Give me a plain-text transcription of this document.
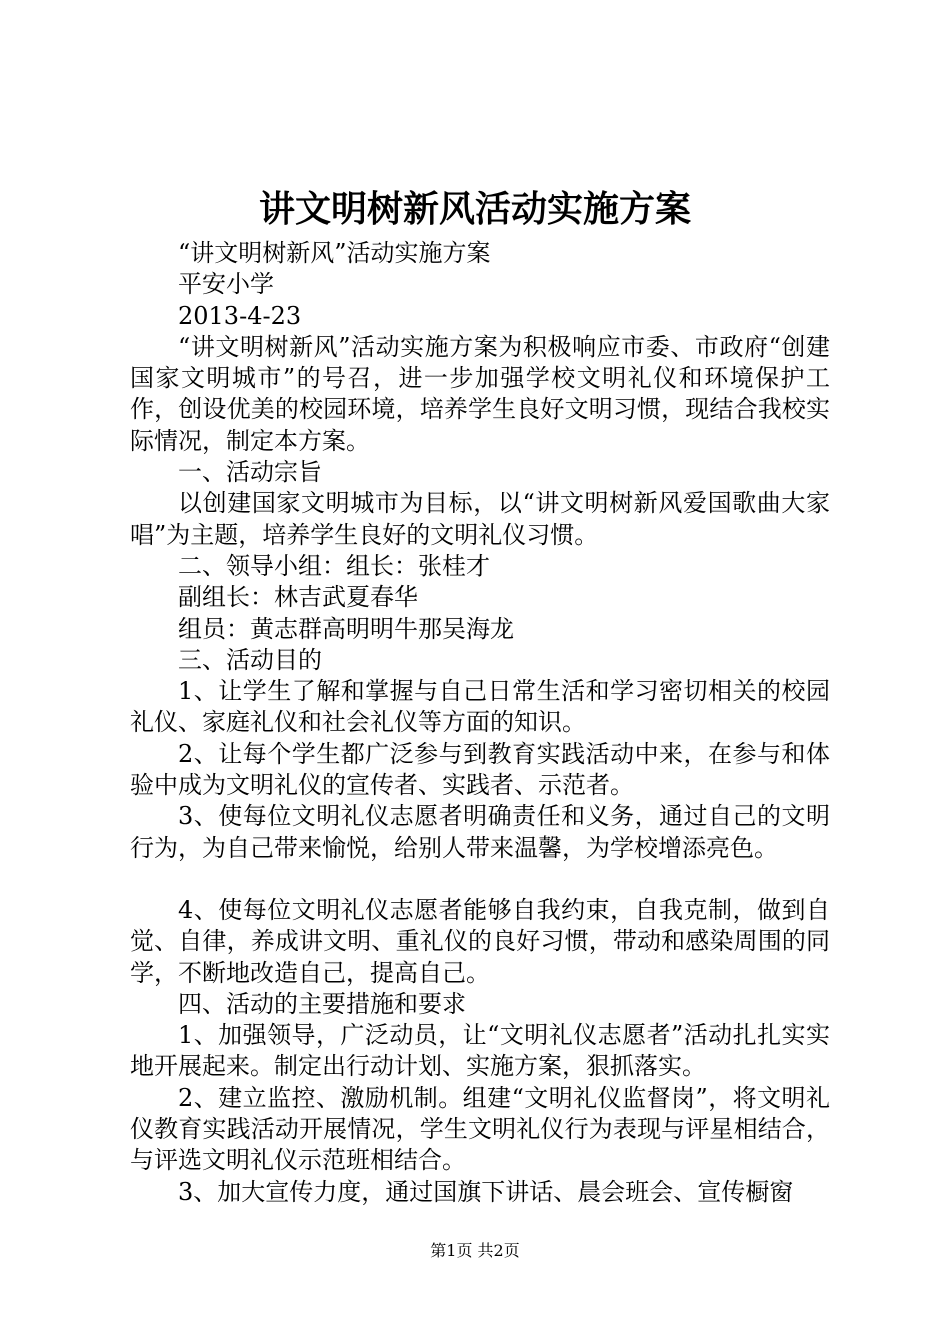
讲文明树新风活动实施方案

“讲文明树新风”活动实施方案

平安小学

2013-4-23

“讲文明树新风”活动实施方案为积极响应市委、市政府“创建国家文明城市”的号召，进一步加强学校文明礼仪和环境保护工作，创设优美的校园环境，培养学生良好文明习惯，现结合我校实际情况，制定本方案。

一、活动宗旨

以创建国家文明城市为目标，以“讲文明树新风爱国歌曲大家唱”为主题，培养学生良好的文明礼仪习惯。

二、领导小组：组长：张桂才

副组长：林吉武夏春华

组员：黄志群高明明牛那吴海龙

三、活动目的

1、让学生了解和掌握与自己日常生活和学习密切相关的校园礼仪、家庭礼仪和社会礼仪等方面的知识。

2、让每个学生都广泛参与到教育实践活动中来，在参与和体验中成为文明礼仪的宣传者、实践者、示范者。

3、使每位文明礼仪志愿者明确责任和义务，通过自己的文明行为，为自己带来愉悦，给别人带来温馨，为学校增添亮色。

4、使每位文明礼仪志愿者能够自我约束，自我克制，做到自觉、自律，养成讲文明、重礼仪的良好习惯，带动和感染周围的同学，不断地改造自己，提高自己。

四、活动的主要措施和要求

1、加强领导，广泛动员，让“文明礼仪志愿者”活动扎扎实实地开展起来。制定出行动计划、实施方案，狠抓落实。

2、建立监控、激励机制。组建“文明礼仪监督岗”，将文明礼仪教育实践活动开展情况，学生文明礼仪行为表现与评星相结合，与评选文明礼仪示范班相结合。

3、加大宣传力度，通过国旗下讲话、晨会班会、宣传橱窗

第1页 共2页
